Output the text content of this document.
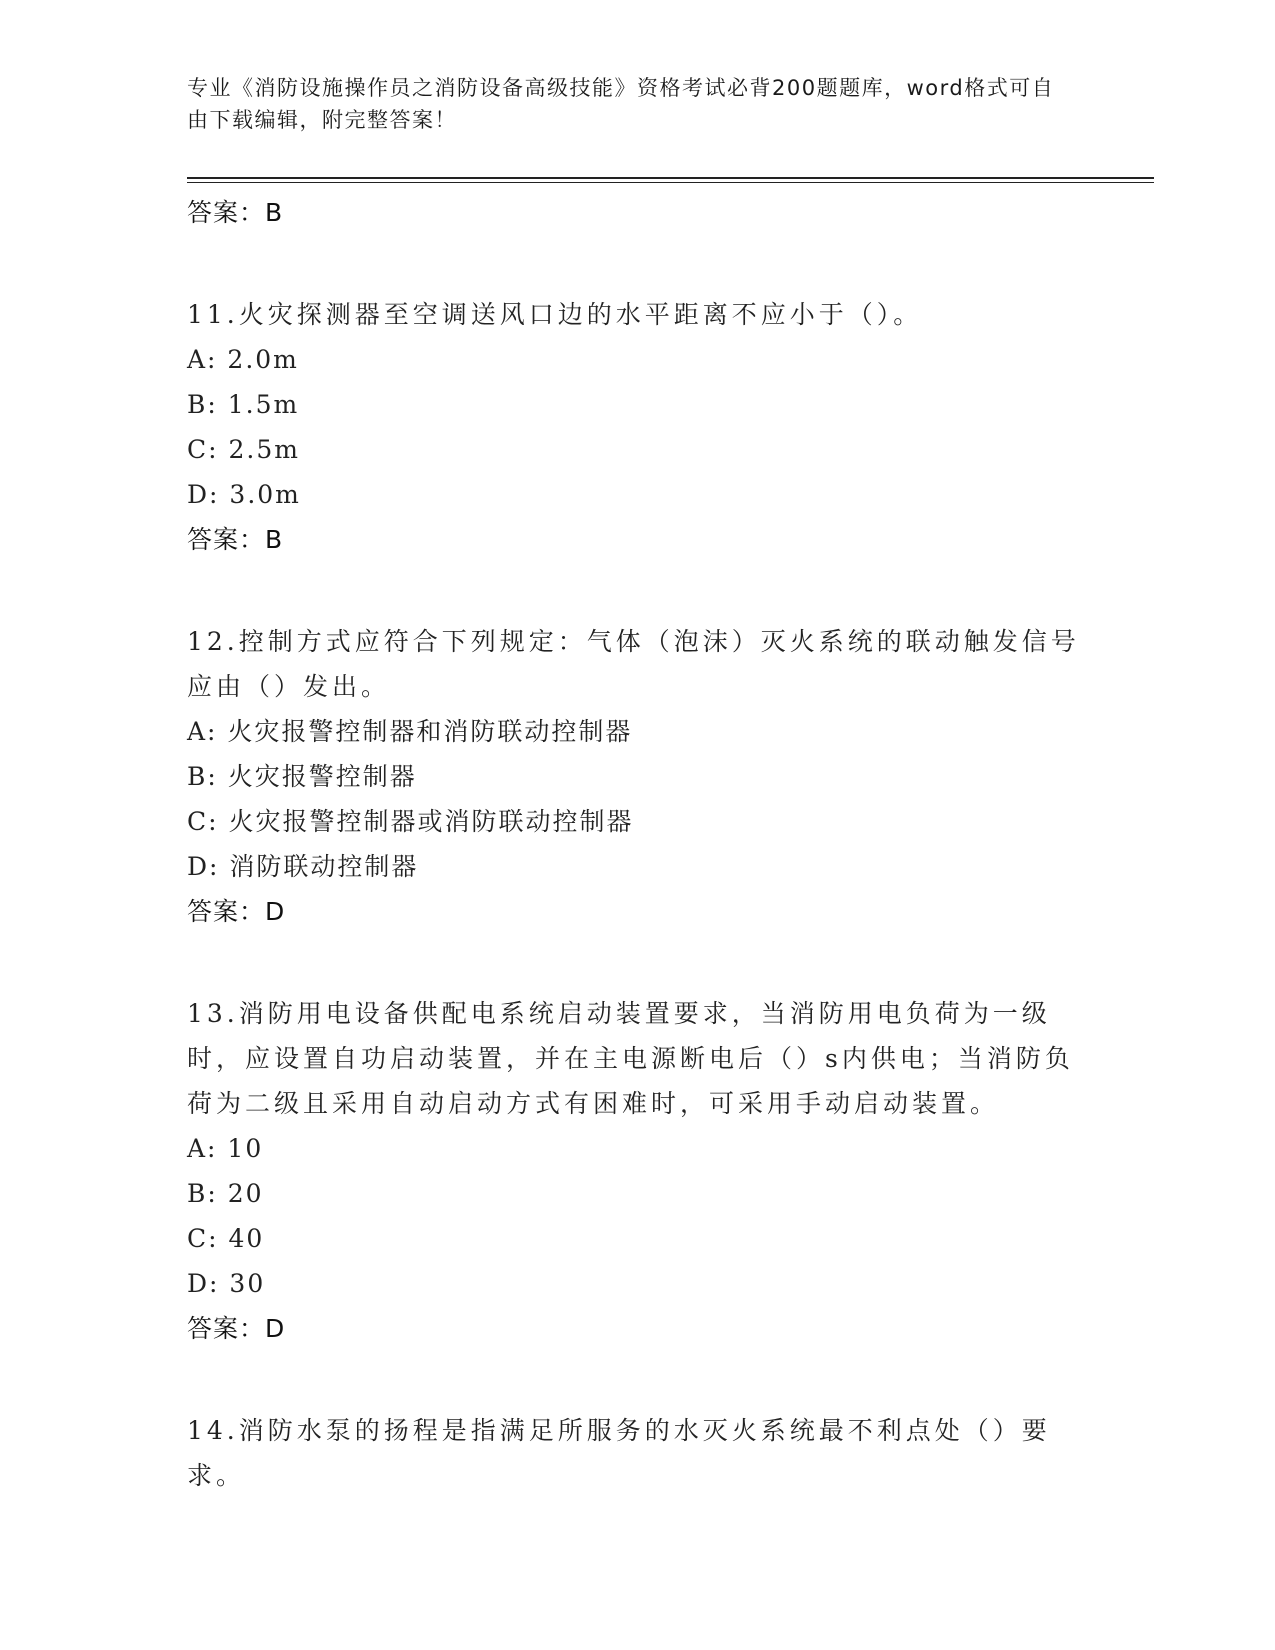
专业《消防设施操作员之消防设备高级技能》资格考试必背200题题库，word格式可自由下载编辑，附完整答案！
答案：B
11.火灾探测器至空调送风口边的水平距离不应小于（）。
A: 2.0m
B: 1.5m
C: 2.5m
D: 3.0m
答案：B
12.控制方式应符合下列规定：气体（泡沫）灭火系统的联动触发信号应由（）发出。
A: 火灾报警控制器和消防联动控制器
B: 火灾报警控制器
C: 火灾报警控制器或消防联动控制器
D: 消防联动控制器
答案：D
13.消防用电设备供配电系统启动装置要求，当消防用电负荷为一级时，应设置自功启动装置，并在主电源断电后（）s内供电；当消防负荷为二级且采用自动启动方式有困难时，可采用手动启动装置。
A: 10
B: 20
C: 40
D: 30
答案：D
14.消防水泵的扬程是指满足所服务的水灭火系统最不利点处（）要求。
